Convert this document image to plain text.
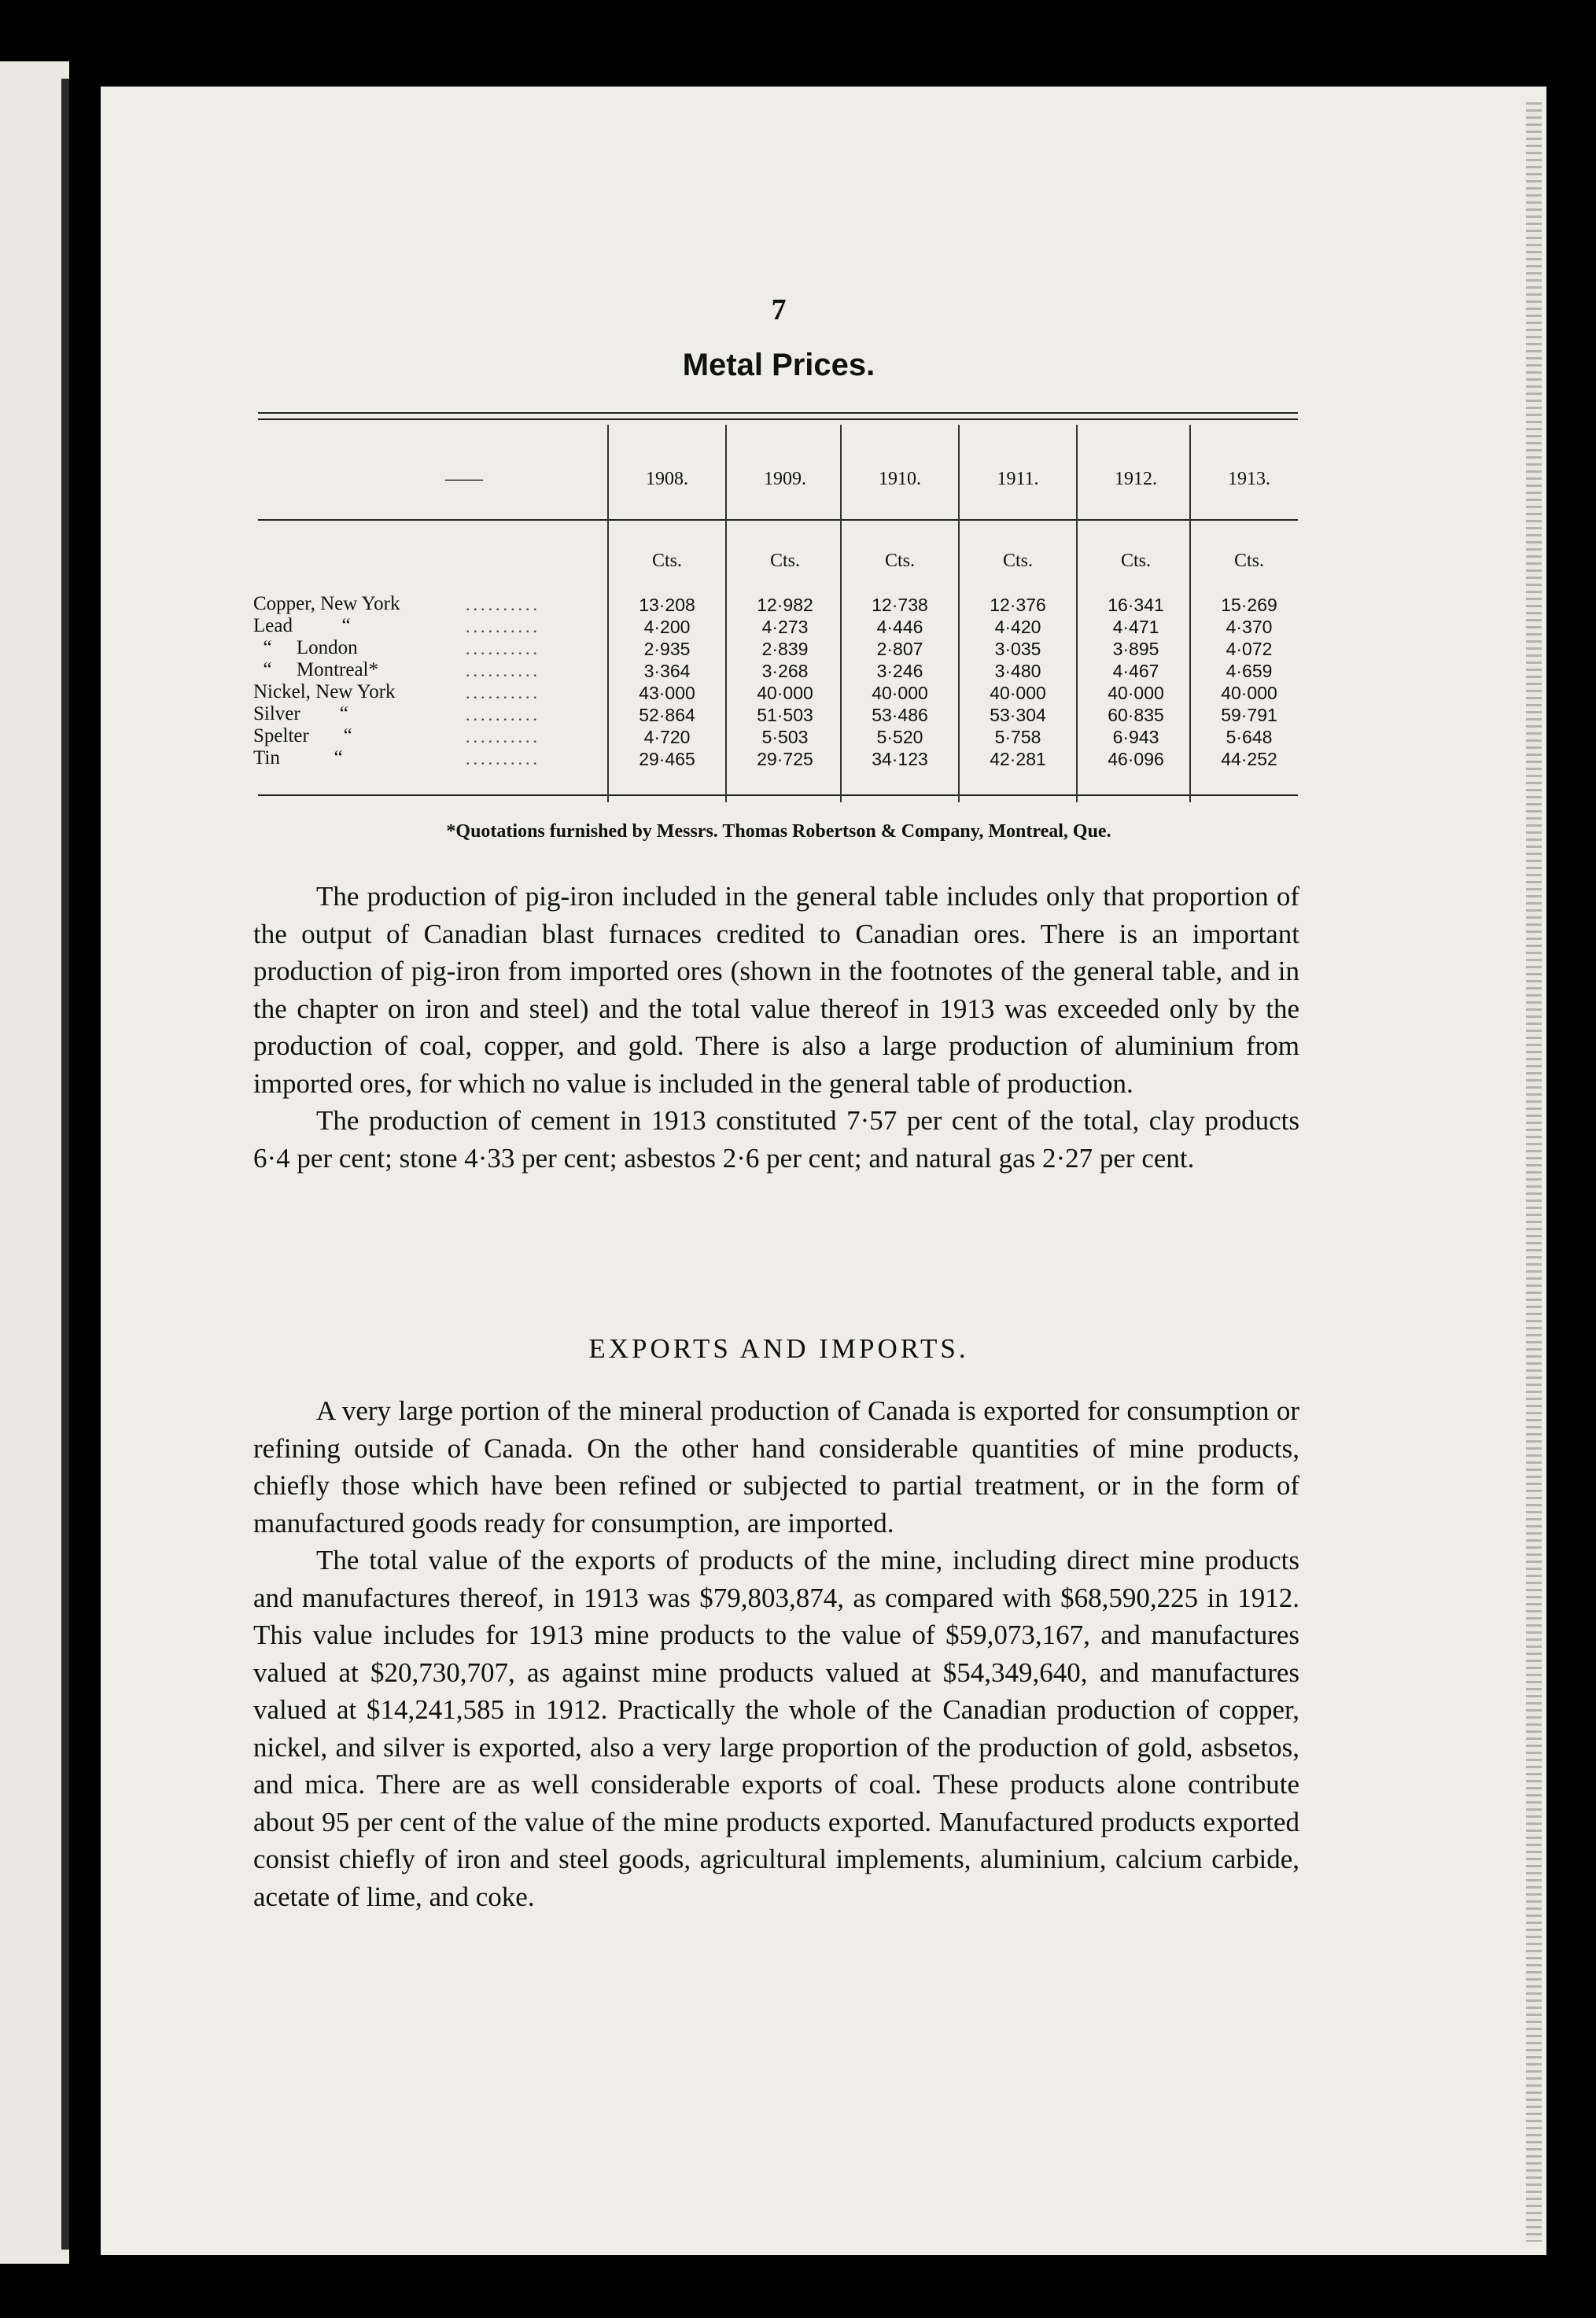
7
Metal Prices.
——	1908.	1909.	1910.	1911.	1912.	1913.
Cts.	Cts.	Cts.	Cts.	Cts.	Cts.
Copper, New York	..........	13·208	12·982	12·738	12·376	16·341	15·269
Lead          “	..........	4·200	4·273	4·446	4·420	4·471	4·370
“     London	..........	2·935	2·839	2·807	3·035	3·895	4·072
“     Montreal*	..........	3·364	3·268	3·246	3·480	4·467	4·659
Nickel, New York	..........	43·000	40·000	40·000	40·000	40·000	40·000
Silver        “	..........	52·864	51·503	53·486	53·304	60·835	59·791
Spelter       “	..........	4·720	5·503	5·520	5·758	6·943	5·648
Tin           “	..........	29·465	29·725	34·123	42·281	46·096	44·252
*Quotations furnished by Messrs. Thomas Robertson & Company, Montreal, Que.

The production of pig-iron included in the general table includes only that proportion of the output of Canadian blast furnaces credited to Canadian ores. There is an important production of pig-iron from imported ores (shown in the footnotes of the general table, and in the chapter on iron and steel) and the total value thereof in 1913 was exceeded only by the production of coal, copper, and gold. There is also a large production of aluminium from imported ores, for which no value is included in the general table of production.

The production of cement in 1913 constituted 7·57 per cent of the total, clay products 6·4 per cent; stone 4·33 per cent; asbestos 2·6 per cent; and natural gas 2·27 per cent.

EXPORTS AND IMPORTS.

A very large portion of the mineral production of Canada is exported for consumption or refining outside of Canada. On the other hand considerable quantities of mine products, chiefly those which have been refined or subjected to partial treatment, or in the form of manufactured goods ready for consumption, are imported.

The total value of the exports of products of the mine, including direct mine products and manufactures thereof, in 1913 was $79,803,874, as compared with $68,590,225 in 1912. This value includes for 1913 mine products to the value of $59,073,167, and manufactures valued at $20,730,707, as against mine products valued at $54,349,640, and manufactures valued at $14,241,585 in 1912. Practically the whole of the Canadian production of copper, nickel, and silver is exported, also a very large proportion of the production of gold, asbsetos, and mica. There are as well considerable exports of coal. These products alone contribute about 95 per cent of the value of the mine products exported. Manufactured products exported consist chiefly of iron and steel goods, agricultural implements, aluminium, calcium carbide, acetate of lime, and coke.
